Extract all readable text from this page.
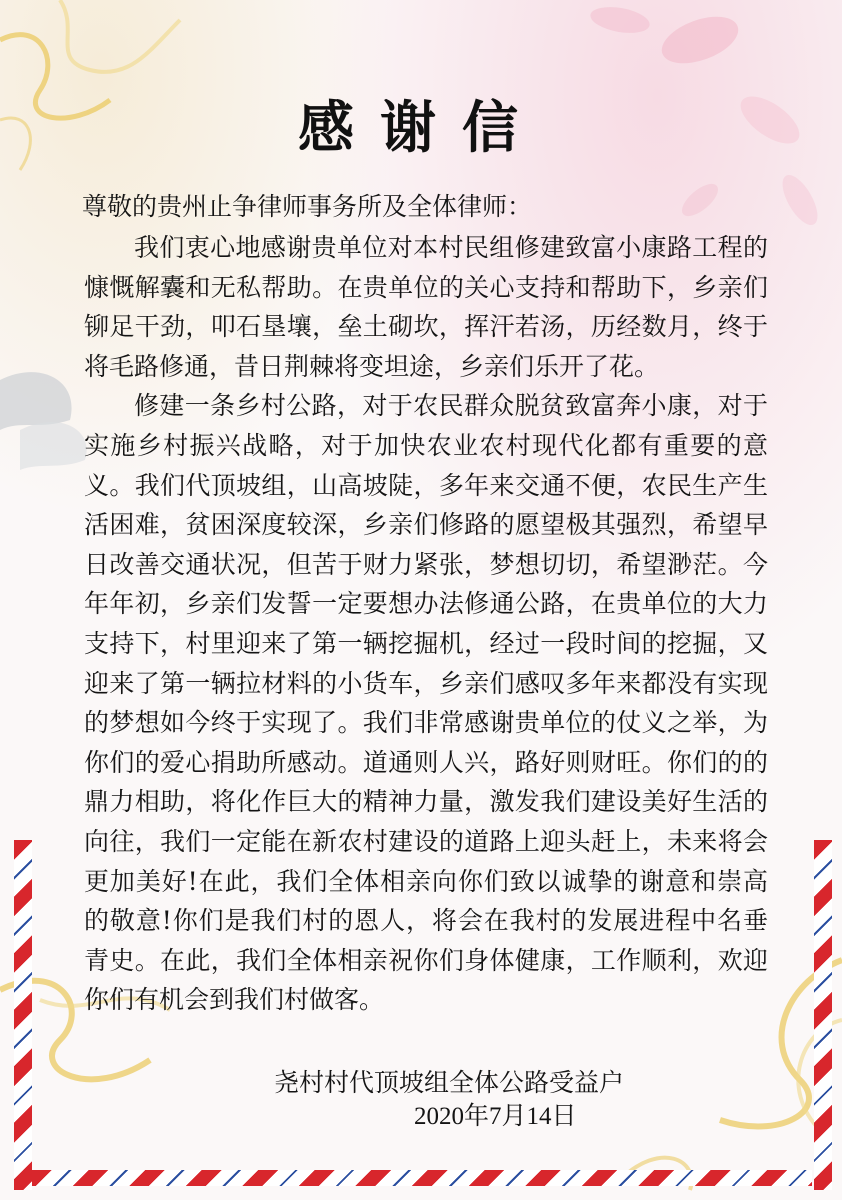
感谢信
尊敬的贵州止争律师事务所及全体律师：

我们衷心地感谢贵单位对本村民组修建致富小康路工程的慷慨解囊和无私帮助。在贵单位的关心支持和帮助下，乡亲们铆足干劲，叩石垦壤，垒土砌坎，挥汗若汤，历经数月，终于将毛路修通，昔日荆棘将变坦途，乡亲们乐开了花。

修建一条乡村公路，对于农民群众脱贫致富奔小康，对于实施乡村振兴战略，对于加快农业农村现代化都有重要的意义。我们代顶坡组，山高坡陡，多年来交通不便，农民生产生活困难，贫困深度较深，乡亲们修路的愿望极其强烈，希望早日改善交通状况，但苦于财力紧张，梦想切切，希望渺茫。今年年初，乡亲们发誓一定要想办法修通公路，在贵单位的大力支持下，村里迎来了第一辆挖掘机，经过一段时间的挖掘，又迎来了第一辆拉材料的小货车，乡亲们感叹多年来都没有实现的梦想如今终于实现了。我们非常感谢贵单位的仗义之举，为你们的爱心捐助所感动。道通则人兴，路好则财旺。你们的的鼎力相助，将化作巨大的精神力量，激发我们建设美好生活的向往，我们一定能在新农村建设的道路上迎头赶上，未来将会更加美好!在此，我们全体相亲向你们致以诚挚的谢意和崇高的敬意!你们是我们村的恩人，将会在我村的发展进程中名垂青史。在此，我们全体相亲祝你们身体健康，工作顺利，欢迎你们有机会到我们村做客。

尧村村代顶坡组全体公路受益户
2020年7月14日
